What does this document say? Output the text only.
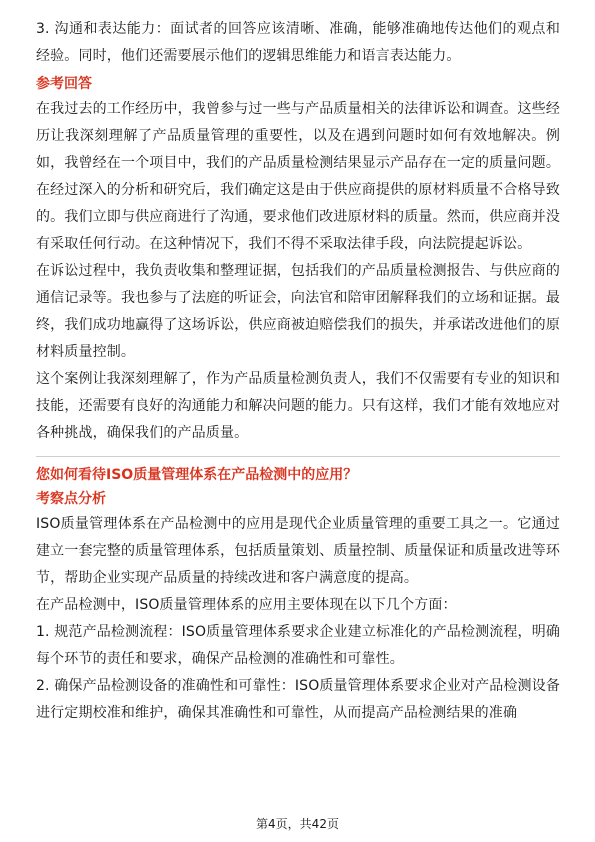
3. 沟通和表达能力：面试者的回答应该清晰、准确，能够准确地传达他们的观点和经验。同时，他们还需要展示他们的逻辑思维能力和语言表达能力。

参考回答

在我过去的工作经历中，我曾参与过一些与产品质量相关的法律诉讼和调查。这些经历让我深刻理解了产品质量管理的重要性，以及在遇到问题时如何有效地解决。例如，我曾经在一个项目中，我们的产品质量检测结果显示产品存在一定的质量问题。在经过深入的分析和研究后，我们确定这是由于供应商提供的原材料质量不合格导致的。我们立即与供应商进行了沟通，要求他们改进原材料的质量。然而，供应商并没有采取任何行动。在这种情况下，我们不得不采取法律手段，向法院提起诉讼。

在诉讼过程中，我负责收集和整理证据，包括我们的产品质量检测报告、与供应商的通信记录等。我也参与了法庭的听证会，向法官和陪审团解释我们的立场和证据。最终，我们成功地赢得了这场诉讼，供应商被迫赔偿我们的损失，并承诺改进他们的原材料质量控制。

这个案例让我深刻理解了，作为产品质量检测负责人，我们不仅需要有专业的知识和技能，还需要有良好的沟通能力和解决问题的能力。只有这样，我们才能有效地应对各种挑战，确保我们的产品质量。

您如何看待ISO质量管理体系在产品检测中的应用？
考察点分析

ISO质量管理体系在产品检测中的应用是现代企业质量管理的重要工具之一。它通过建立一套完整的质量管理体系，包括质量策划、质量控制、质量保证和质量改进等环节，帮助企业实现产品质量的持续改进和客户满意度的提高。

在产品检测中，ISO质量管理体系的应用主要体现在以下几个方面：

1. 规范产品检测流程：ISO质量管理体系要求企业建立标准化的产品检测流程，明确每个环节的责任和要求，确保产品检测的准确性和可靠性。

2. 确保产品检测设备的准确性和可靠性：ISO质量管理体系要求企业对产品检测设备进行定期校准和维护，确保其准确性和可靠性，从而提高产品检测结果的准确

第4页，共42页
